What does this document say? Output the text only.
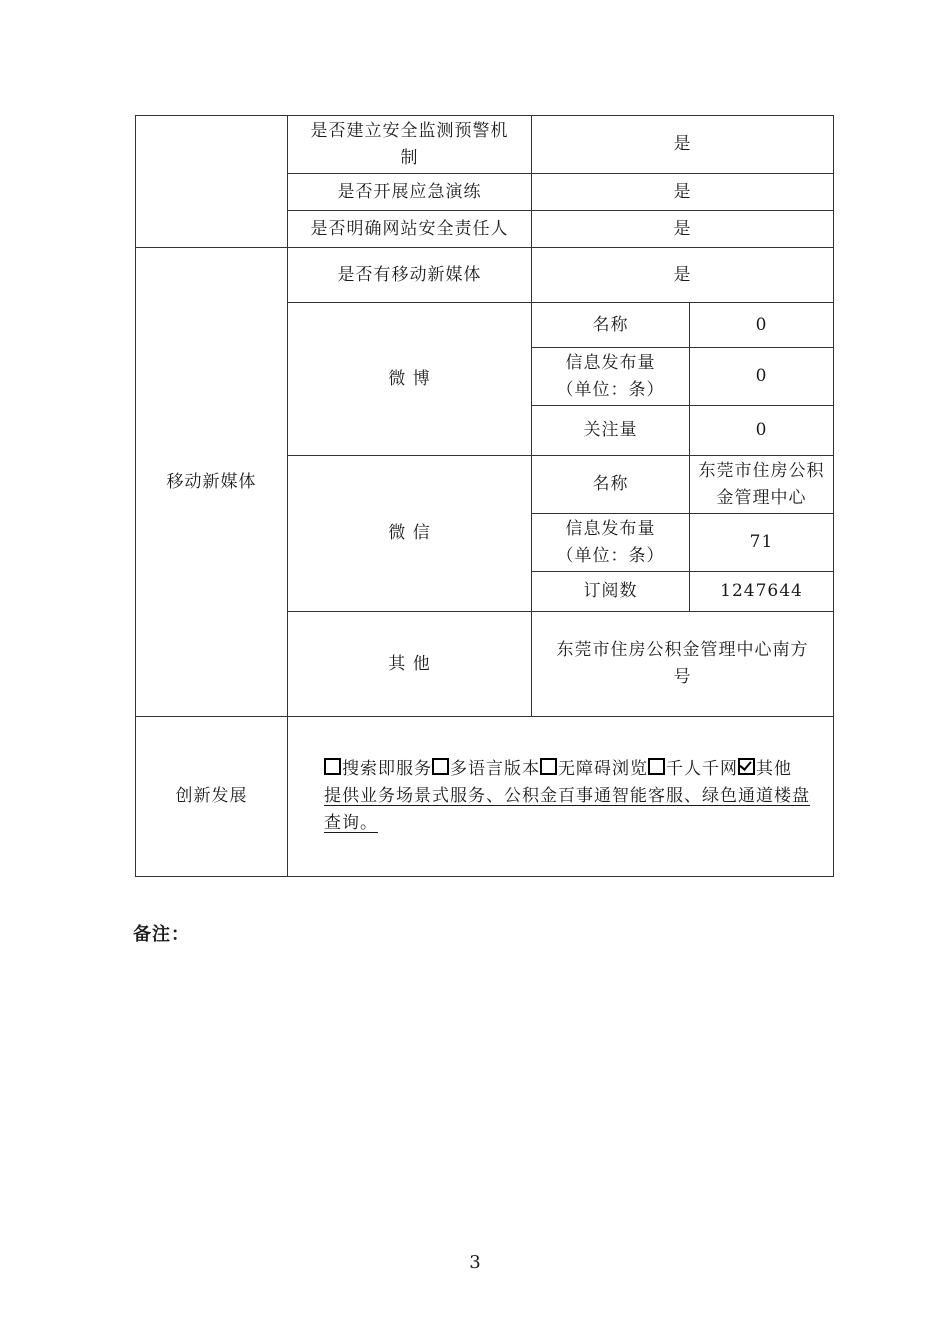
	是否建立安全监测预警机制	是	
	是否开展应急演练	是	
	是否明确网站安全责任人	是	
移动新媒体	是否有移动新媒体	是	
	微 博	名称	0
		信息发布量
（单位：条）	0
		关注量	0
	微 信	名称	东莞市住房公积金管理中心
		信息发布量
（单位：条）	71
		订阅数	1247644
	其 他	东莞市住房公积金管理中心南方号	
创新发展	搜索即服务 多语言版本 无障碍浏览 千人千网 其他
提供业务场景式服务、公积金百事通智能客服、绿色通道楼盘查询。		
备注：
3
